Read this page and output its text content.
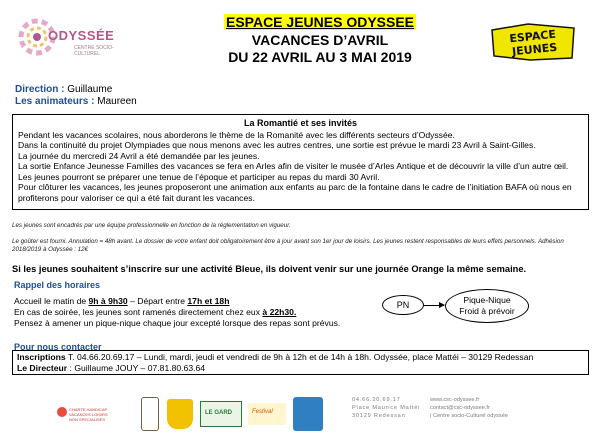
ODYSSÉE
CENTRE SOCIO-CULTUREL
ESPACE JEUNES ODYSSEE
VACANCES D’AVRIL
DU 22 AVRIL AU 3 MAI 2019
ESPACE
JEUNES
Direction : Guillaume
Les animateurs : Maureen
La Romantié et ses invités

Pendant les vacances scolaires, nous aborderons le thème de la Romanité avec les différents secteurs d’Odyssée.

Dans la continuité du projet Olympiades que nous menons avec les autres centres, une sortie est prévue le mardi 23 Avril à Saint-Gilles.

La journée du mercredi 24 Avril a été demandée par les jeunes.

La sortie Enfance Jeunesse Familles des vacances se fera en Arles afin de visiter le musée d’Arles Antique et de découvrir la ville d’un autre œil.

Les jeunes pourront se préparer une tenue de l’époque et participer au repas du mardi 30 Avril.

Pour clôturer les vacances, les jeunes proposeront une animation aux enfants au parc de la fontaine dans le cadre de l’initiation BAFA où nous en profiterons pour valoriser ce qui a été fait durant les vacances.

Les jeunes sont encadrés par une équipe professionnelle en fonction de la réglementation en vigueur.
Le goûter est fourni. Annulation = 48h avant. Le dossier de votre enfant doit obligatoirement être à jour avant son 1er jour de loisirs. Les jeunes restent responsables de leurs effets personnels. Adhésion 2018/2019 à Odyssée : 12€
Si les jeunes souhaitent s’inscrire sur une activité Bleue, ils doivent venir sur une journée Orange la même semaine.
Rappel des horaires
Accueil le matin de 9h à 9h30 – Départ entre 17h et 18h
En cas de soirée, les jeunes sont ramenés directement chez eux à 22h30.
Pensez à amener un pique-nique chaque jour excepté lorsque des repas sont prévus.
PN	Pique-Nique
Froid à prévoir
Pour nous contacter
Inscriptions T. 04.66.20.69.17 – Lundi, mardi, jeudi et vendredi de 9h à 12h et de 14h à 18h. Odyssée, place Mattéi – 30129 Redessan
Le Directeur : Guillaume JOUY – 07.81.80.63.64
CHARTE HANDICAP VACANCES LOISIRS NON SPÉCIALISÉS
LE GARD	Festival
04.66.20.69.17
Place Maurice Mattéi
30129 Redessan
www.csc-odyssee.fr
contact@csc-odyssee.fr
| Centre socio-Culturel odyssée
